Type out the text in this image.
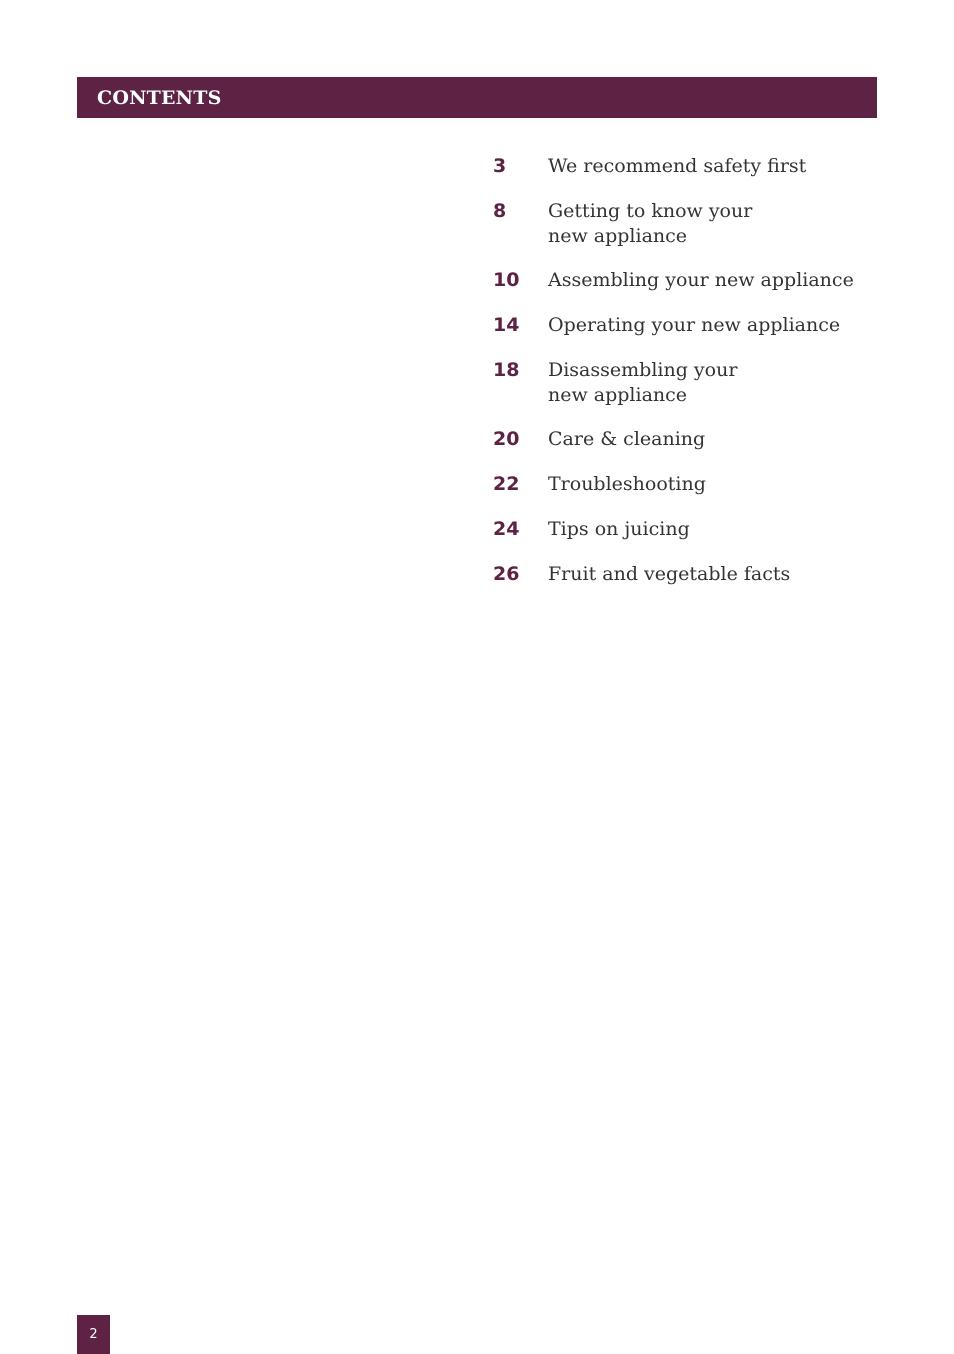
CONTENTS
3	We recommend safety first
8	Getting to know your
new appliance
10	Assembling your new appliance
14	Operating your new appliance
18	Disassembling your
new appliance
20	Care & cleaning
22	Troubleshooting
24	Tips on juicing
26	Fruit and vegetable facts
2
